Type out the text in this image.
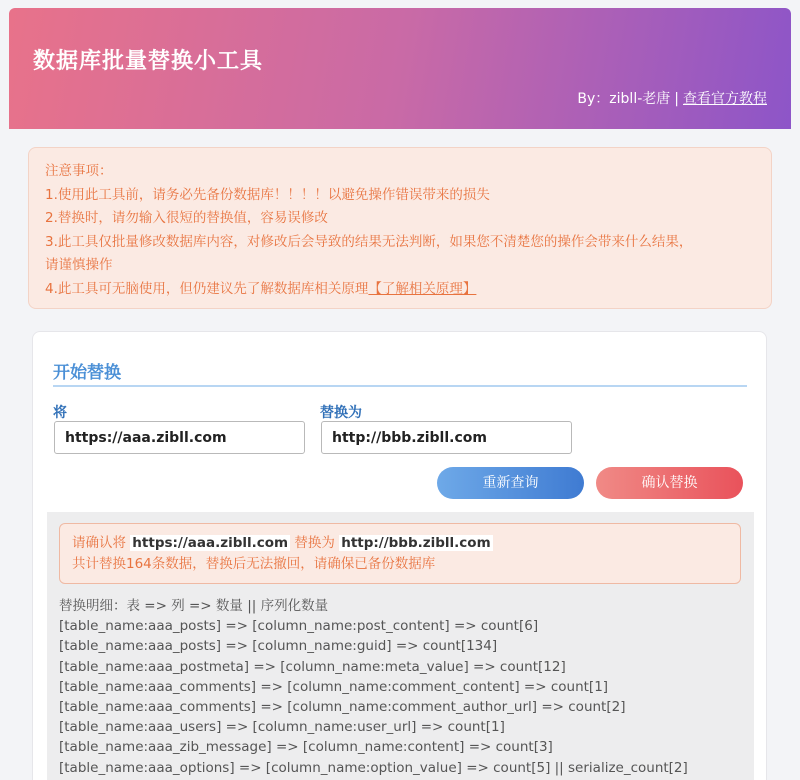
数据库批量替换小工具
By：zibll-老唐 | 查看官方教程
注意事项：
1.使用此工具前，请务必先备份数据库！！！！以避免操作错误带来的损失
2.替换时，请勿输入很短的替换值，容易误修改
3.此工具仅批量修改数据库内容，对修改后会导致的结果无法判断，如果您不清楚您的操作会带来什么结果，
请谨慎操作
4.此工具可无脑使用，但仍建议先了解数据库相关原理【了解相关原理】
开始替换
将
https://aaa.zibll.com	替换为
http://bbb.zibll.com
重新查询	确认替换
请确认将 https://aaa.zibll.com 替换为 http://bbb.zibll.com
共计替换164条数据，替换后无法撤回，请确保已备份数据库
替换明细：表 => 列 => 数量 || 序列化数量
[table_name:aaa_posts] => [column_name:post_content] => count[6]
[table_name:aaa_posts] => [column_name:guid] => count[134]
[table_name:aaa_postmeta] => [column_name:meta_value] => count[12]
[table_name:aaa_comments] => [column_name:comment_content] => count[1]
[table_name:aaa_comments] => [column_name:comment_author_url] => count[2]
[table_name:aaa_users] => [column_name:user_url] => count[1]
[table_name:aaa_zib_message] => [column_name:content] => count[3]
[table_name:aaa_options] => [column_name:option_value] => count[5] || serialize_count[2]
